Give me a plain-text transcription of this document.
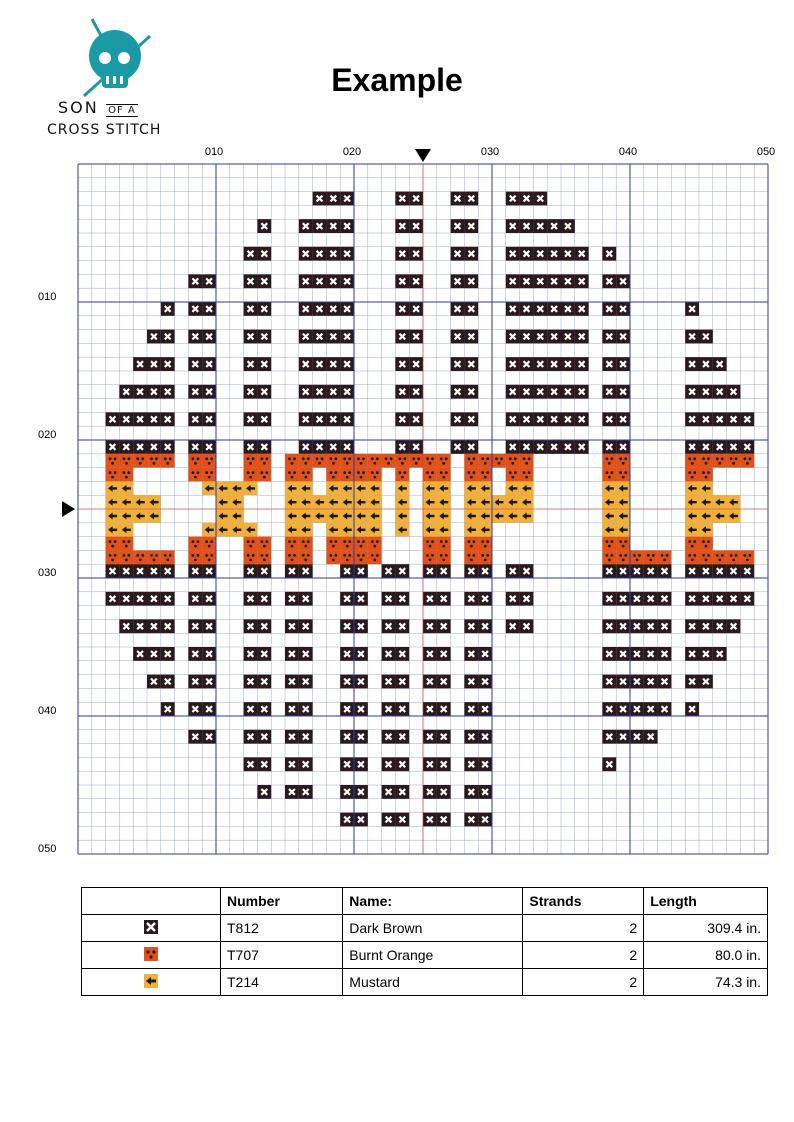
SON OF A
CROSS STITCH
Example
010	020	030	040	050
010
020
030
040
050
	Number	Name:	Strands	Length
	T812	Dark Brown	2	309.4 in.
	T707	Burnt Orange	2	80.0 in.
	T214	Mustard	2	74.3 in.
